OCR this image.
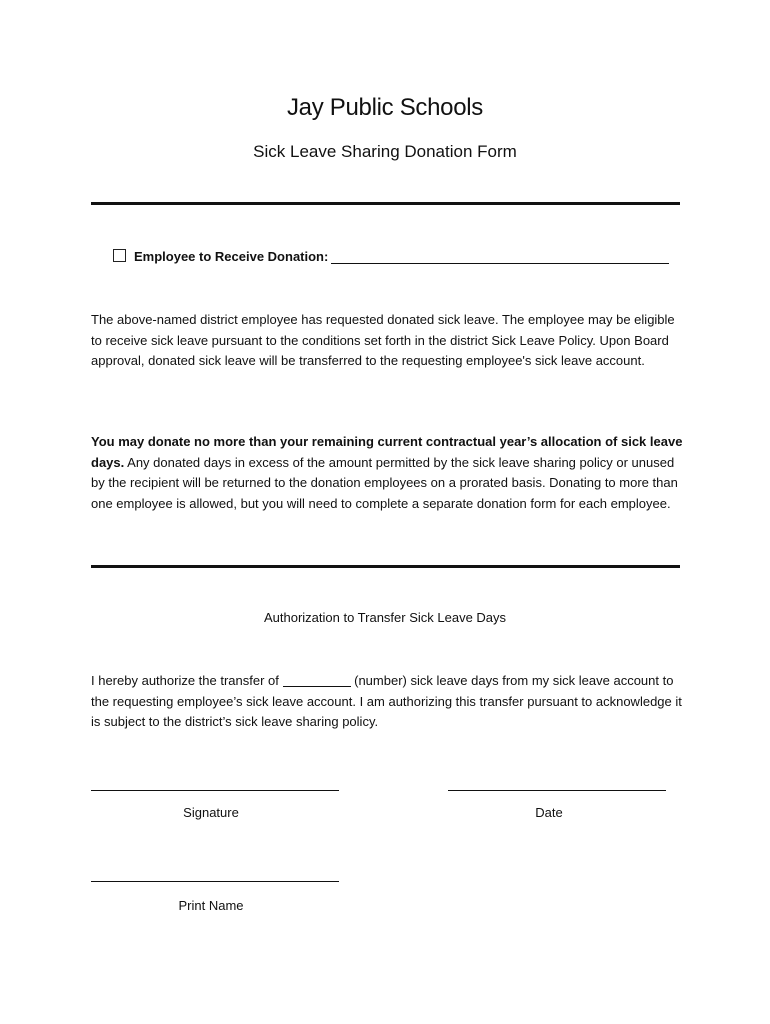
Jay Public Schools
Sick Leave Sharing Donation Form
Employee to Receive Donation:
The above-named district employee has requested donated sick leave. The employee may be eligible to receive sick leave pursuant to the conditions set forth in the district Sick Leave Policy. Upon Board approval, donated sick leave will be transferred to the requesting employee's sick leave account.
You may donate no more than your remaining current contractual year’s allocation of sick leave days. Any donated days in excess of the amount permitted by the sick leave sharing policy or unused by the recipient will be returned to the donation employees on a prorated basis. Donating to more than one employee is allowed, but you will need to complete a separate donation form for each employee.
Authorization to Transfer Sick Leave Days
I hereby authorize the transfer of	(number) sick leave days from my sick leave account to the requesting employee’s sick leave account. I am authorizing this transfer pursuant to acknowledge it is subject to the district’s sick leave sharing policy.
Signature	Date
Print Name
